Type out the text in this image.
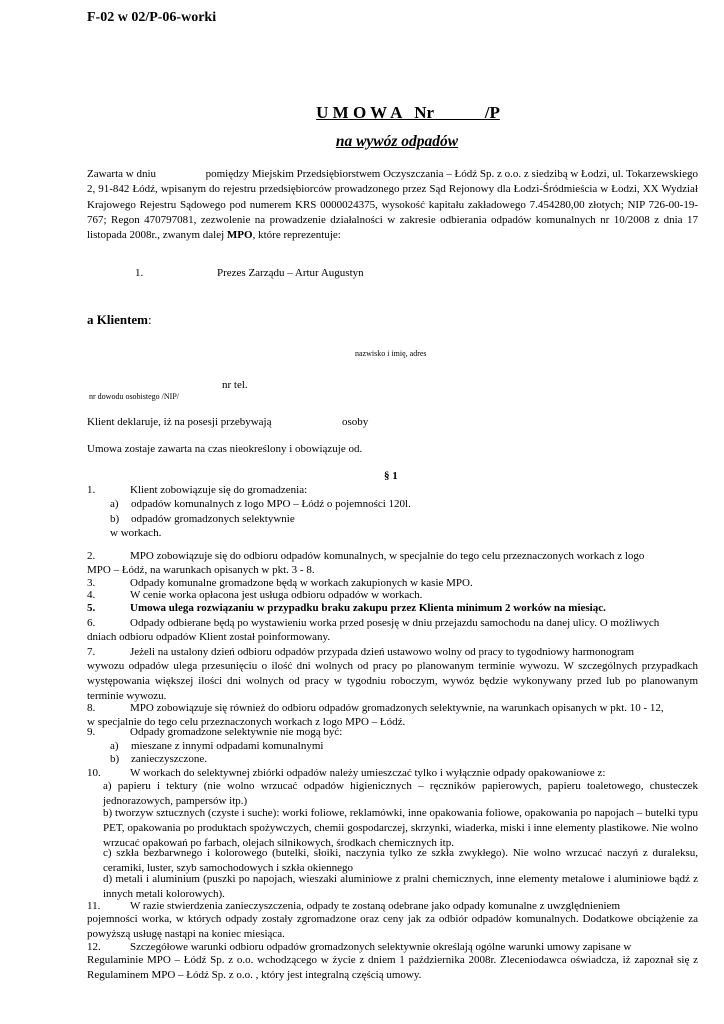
F-02 w 02/P-06-worki
U M O W A   Nr            /P
na wywóz odpadów
Zawarta w dniu                  pomiędzy Miejskim Przedsiębiorstwem Oczyszczania – Łódź Sp. z o.o. z siedzibą w Łodzi, ul. Tokarzewskiego 2, 91-842 Łódź, wpisanym do rejestru przedsiębiorców prowadzonego przez Sąd Rejonowy dla Łodzi-Śródmieścia w Łodzi, XX Wydział Krajowego Rejestru Sądowego pod numerem KRS 0000024375, wysokość kapitału zakładowego 7.454280,00 złotych; NIP 726-00-19-767; Regon 470797081, zezwolenie na prowadzenie działalności w zakresie odbierania odpadów komunalnych nr 10/2008 z dnia 17 listopada 2008r., zwanym dalej MPO, które reprezentuje:
1.	Prezes Zarządu – Artur Augustyn
a Klientem:
nazwisko i imię, adres
nr tel.
nr dowodu osobistego /NIP/
Klient deklaruje, iż na posesji przebywają	osoby
Umowa zostaje zawarta na czas nieokreślony i obowiązuje od.
§ 1
1.	Klient zobowiązuje się do gromadzenia:
a) odpadów komunalnych z logo MPO – Łódź o pojemności 120l.
b) odpadów gromadzonych selektywnie
w workach.
2.	MPO zobowiązuje się do odbioru odpadów komunalnych, w specjalnie do tego celu przeznaczonych workach z logo
MPO – Łódź, na warunkach opisanych w pkt. 3 - 8.
3.	Odpady komunalne gromadzone będą w workach zakupionych w kasie MPO.
4.	W cenie worka opłacona jest usługa odbioru odpadów w workach.
5.	Umowa ulega rozwiązaniu w przypadku braku zakupu przez Klienta minimum 2 worków na miesiąc.
6.	Odpady odbierane będą po wystawieniu worka przed posesję w dniu przejazdu samochodu na danej ulicy. O możliwych
dniach odbioru odpadów Klient został poinformowany.
7.	Jeżeli na ustalony dzień odbioru odpadów przypada dzień ustawowo wolny od pracy to tygodniowy harmonogram
wywozu odpadów ulega przesunięciu o ilość dni wolnych od pracy po planowanym terminie wywozu. W szczególnych przypadkach występowania większej ilości dni wolnych od pracy w tygodniu roboczym, wywóz będzie wykonywany przed lub po planowanym terminie wywozu.
8.	MPO zobowiązuje się również do odbioru odpadów gromadzonych selektywnie, na warunkach opisanych w pkt. 10 - 12,
w specjalnie do tego celu przeznaczonych workach z logo MPO – Łódź.
9.	Odpady gromadzone selektywnie nie mogą być:
a) mieszane z innymi odpadami komunalnymi
b) zanieczyszczone.
10.	W workach do selektywnej zbiórki odpadów należy umieszczać tylko i wyłącznie odpady opakowaniowe z:
a) papieru i tektury (nie wolno wrzucać odpadów higienicznych – ręczników papierowych, papieru toaletowego, chusteczek jednorazowych, pampersów itp.)
b) tworzyw sztucznych (czyste i suche): worki foliowe, reklamówki, inne opakowania foliowe, opakowania po napojach – butelki typu PET, opakowania po produktach spożywczych, chemii gospodarczej, skrzynki, wiaderka, miski i inne elementy plastikowe. Nie wolno wrzucać opakowań po farbach, olejach silnikowych, środkach chemicznych itp.
c) szkła bezbarwnego i kolorowego (butelki, słoiki, naczynia tylko ze szkła zwykłego). Nie wolno wrzucać naczyń z duraleksu, ceramiki, luster, szyb samochodowych i szkła okiennego
d) metali i aluminium (puszki po napojach, wieszaki aluminiowe z pralni chemicznych, inne elementy metalowe i aluminiowe bądź z innych metali kolorowych).
11.	W razie stwierdzenia zanieczyszczenia, odpady te zostaną odebrane jako odpady komunalne z uwzględnieniem
pojemności worka, w których odpady zostały zgromadzone oraz ceny jak za odbiór odpadów komunalnych. Dodatkowe obciążenie za powyższą usługę nastąpi na koniec miesiąca.
12.	Szczegółowe warunki odbioru odpadów gromadzonych selektywnie określają ogólne warunki umowy zapisane w
Regulaminie MPO – Łódź Sp. z o.o. wchodzącego w życie z dniem 1 października 2008r. Zleceniodawca oświadcza, iż zapoznał się z Regulaminem MPO – Łódź Sp. z o.o. , który jest integralną częścią umowy.
